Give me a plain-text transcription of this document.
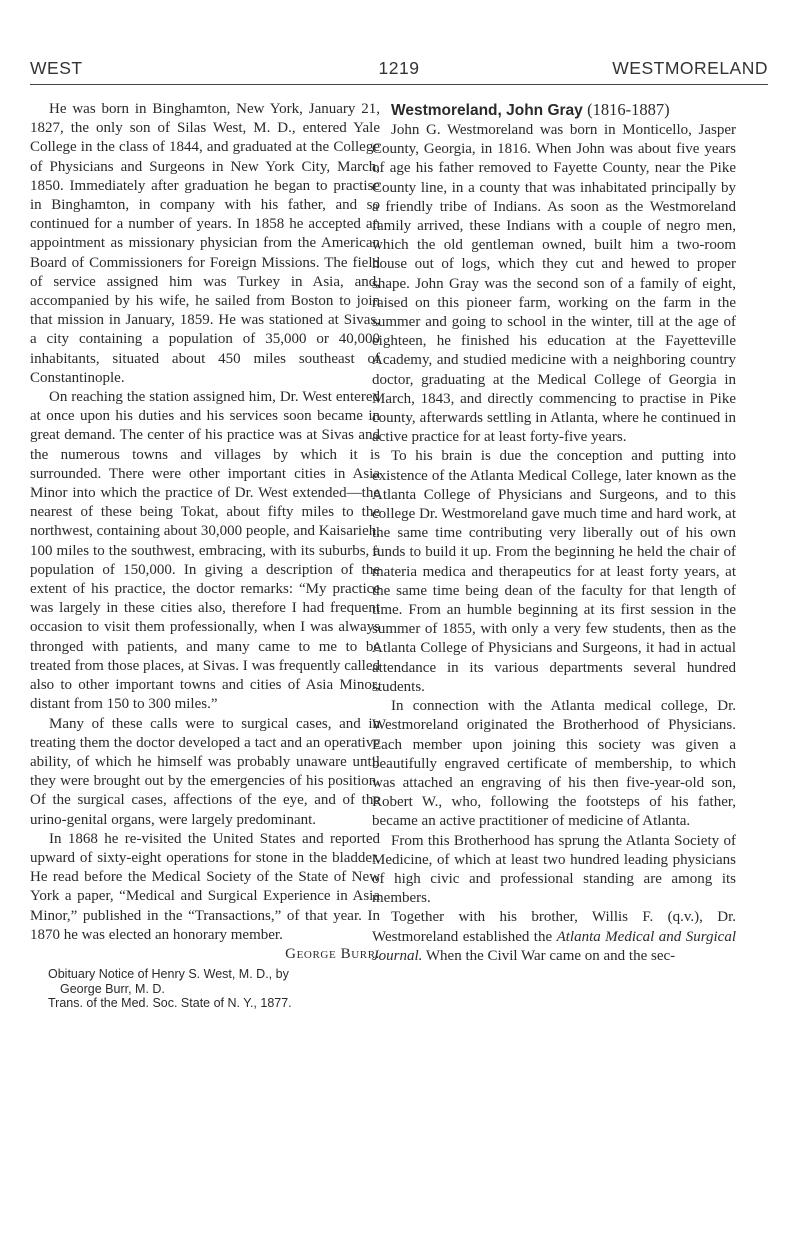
WEST	1219	WESTMORELAND

He was born in Binghamton, New York, January 21, 1827, the only son of Silas West, M. D., entered Yale College in the class of 1844, and graduated at the College of Physicians and Surgeons in New York City, March, 1850. Immediately after graduation he began to practise in Binghamton, in company with his father, and so continued for a number of years. In 1858 he accepted an appointment as missionary physician from the American Board of Commissioners for Foreign Missions. The field of service assigned him was Turkey in Asia, and, accompanied by his wife, he sailed from Boston to join that mission in January, 1859. He was stationed at Sivas, a city containing a population of 35,000 or 40,000 inhabitants, situated about 450 miles southeast of Constantinople.

On reaching the station assigned him, Dr. West entered at once upon his duties and his services soon became in great demand. The center of his practice was at Sivas and the numerous towns and villages by which it is surrounded. There were other important cities in Asia Minor into which the practice of Dr. West extended—the nearest of these being Tokat, about fifty miles to the northwest, containing about 30,000 people, and Kaisarieh, 100 miles to the southwest, embracing, with its suburbs, a population of 150,000. In giving a description of the extent of his practice, the doctor remarks: “My practice was largely in these cities also, therefore I had frequent occasion to visit them professionally, when I was always thronged with patients, and many came to me to be treated from those places, at Sivas. I was frequently called also to other important towns and cities of Asia Minor, distant from 150 to 300 miles.”

Many of these calls were to surgical cases, and in treating them the doctor developed a tact and an operative ability, of which he himself was probably unaware until they were brought out by the emergencies of his position. Of the surgical cases, affections of the eye, and of the urino-genital organs, were largely predominant.

In 1868 he re-visited the United States and reported upward of sixty-eight operations for stone in the bladder. He read before the Medical Society of the State of New York a paper, “Medical and Surgical Experience in Asia Minor,” published in the “Transactions,” of that year. In 1870 he was elected an honorary member.

George Burr.

Obituary Notice of Henry S. West, M. D., by
George Burr, M. D.
Trans. of the Med. Soc. State of N. Y., 1877.

Westmoreland, John Gray (1816-1887)

John G. Westmoreland was born in Monticello, Jasper County, Georgia, in 1816. When John was about five years of age his father removed to Fayette County, near the Pike County line, in a county that was inhabitated principally by a friendly tribe of Indians. As soon as the Westmoreland family arrived, these Indians with a couple of negro men, which the old gentleman owned, built him a two-room house out of logs, which they cut and hewed to proper shape. John Gray was the second son of a family of eight, raised on this pioneer farm, working on the farm in the summer and going to school in the winter, till at the age of eighteen, he finished his education at the Fayetteville Academy, and studied medicine with a neighboring country doctor, graduating at the Medical College of Georgia in March, 1843, and directly commencing to practise in Pike county, afterwards settling in Atlanta, where he continued in active practice for at least forty-five years.

To his brain is due the conception and putting into existence of the Atlanta Medical College, later known as the Atlanta College of Physicians and Surgeons, and to this college Dr. Westmoreland gave much time and hard work, at the same time contributing very liberally out of his own funds to build it up. From the beginning he held the chair of materia medica and therapeutics for at least forty years, at the same time being dean of the faculty for that length of time. From an humble beginning at its first session in the summer of 1855, with only a very few students, then as the Atlanta College of Physicians and Surgeons, it had in actual attendance in its various departments several hundred students.

In connection with the Atlanta medical college, Dr. Westmoreland originated the Brotherhood of Physicians. Each member upon joining this society was given a beautifully engraved certificate of membership, to which was attached an engraving of his then five-year-old son, Robert W., who, following the footsteps of his father, became an active practitioner of medicine of Atlanta.

From this Brotherhood has sprung the Atlanta Society of Medicine, of which at least two hundred leading physicians of high civic and professional standing are among its members.

Together with his brother, Willis F. (q.v.), Dr. Westmoreland established the Atlanta Medical and Surgical Journal. When the Civil War came on and the sec-
